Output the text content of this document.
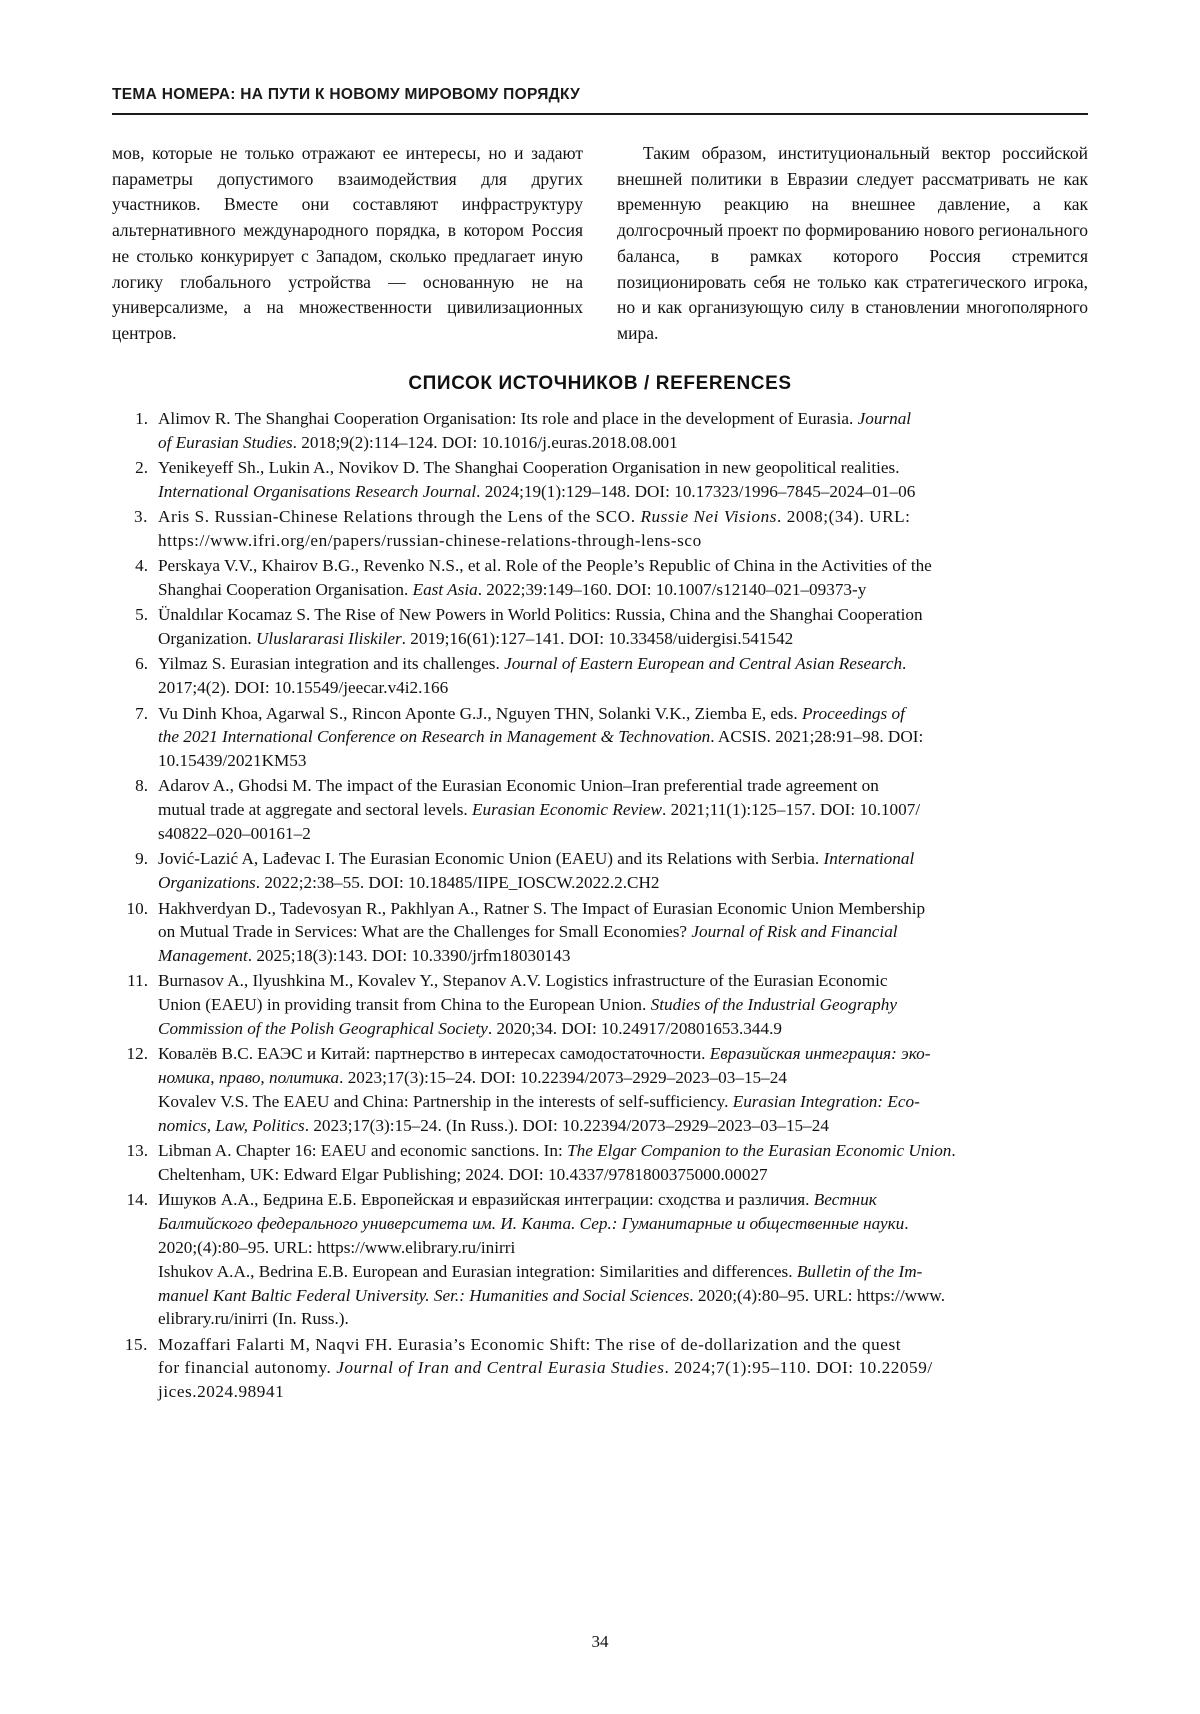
ТЕМА НОМЕРА: НА ПУТИ К НОВОМУ МИРОВОМУ ПОРЯДКУ

мов, которые не только отражают ее интересы, но и задают параметры допустимого взаимодействия для других участников. Вместе они составляют инфраструктуру альтернативного международного порядка, в котором Россия не столько конкурирует с Западом, сколько предлагает иную логику глобального устройства — основанную не на универсализме, а на множественности цивилизационных центров.

Таким образом, институциональный вектор российской внешней политики в Евразии следует рассматривать не как временную реакцию на внешнее давление, а как долгосрочный проект по формированию нового регионального баланса, в рамках которого Россия стремится позиционировать себя не только как стратегического игрока, но и как организующую силу в становлении многополярного мира.

СПИСОК ИСТОЧНИКОВ / REFERENCES
Alimov R. The Shanghai Cooperation Organisation: Its role and place in the development of Eurasia. Journal
of Eurasian Studies. 2018;9(2):114–124. DOI: 10.1016/j.euras.2018.08.001
Yenikeyeff Sh., Lukin A., Novikov D. The Shanghai Cooperation Organisation in new geopolitical realities.
International Organisations Research Journal. 2024;19(1):129–148. DOI: 10.17323/1996–7845–2024–01–06
Aris S. Russian-Chinese Relations through the Lens of the SCO. Russie Nei Visions. 2008;(34). URL:
https://www.ifri.org/en/papers/russian-chinese-relations-through-lens-sco
Perskaya V.V., Khairov B.G., Revenko N.S., et al. Role of the People’s Republic of China in the Activities of the
Shanghai Cooperation Organisation. East Asia. 2022;39:149–160. DOI: 10.1007/s12140–021–09373-y
Ünaldılar Kocamaz S. The Rise of New Powers in World Politics: Russia, China and the Shanghai Cooperation
Organization. Uluslararasi Iliskiler. 2019;16(61):127–141. DOI: 10.33458/uidergisi.541542
Yilmaz S. Eurasian integration and its challenges. Journal of Eastern European and Central Asian Research.
2017;4(2). DOI: 10.15549/jeecar.v4i2.166
Vu Dinh Khoa, Agarwal S., Rincon Aponte G.J., Nguyen THN, Solanki V.K., Ziemba E, eds. Proceedings of
the 2021 International Conference on Research in Management & Technovation. ACSIS. 2021;28:91–98. DOI:
10.15439/2021KM53
Adarov A., Ghodsi M. The impact of the Eurasian Economic Union–Iran preferential trade agreement on
mutual trade at aggregate and sectoral levels. Eurasian Economic Review. 2021;11(1):125–157. DOI: 10.1007/
s40822–020–00161–2
Jović-Lazić A, Lađevac I. The Eurasian Economic Union (EAEU) and its Relations with Serbia. International
Organizations. 2022;2:38–55. DOI: 10.18485/IIPE_IOSCW.2022.2.CH2
Hakhverdyan D., Tadevosyan R., Pakhlyan A., Ratner S. The Impact of Eurasian Economic Union Membership
on Mutual Trade in Services: What are the Challenges for Small Economies? Journal of Risk and Financial
Management. 2025;18(3):143. DOI: 10.3390/jrfm18030143
Burnasov A., Ilyushkina M., Kovalev Y., Stepanov A.V. Logistics infrastructure of the Eurasian Economic
Union (EAEU) in providing transit from China to the European Union. Studies of the Industrial Geography
Commission of the Polish Geographical Society. 2020;34. DOI: 10.24917/20801653.344.9
Ковалёв В.С. ЕАЭС и Китай: партнерство в интересах самодостаточности. Евразийская интеграция: эко-
номика, право, политика. 2023;17(3):15–24. DOI: 10.22394/2073–2929–2023–03–15–24
Kovalev V.S. The EAEU and China: Partnership in the interests of self-sufficiency. Eurasian Integration: Eco-
nomics, Law, Politics. 2023;17(3):15–24. (In Russ.). DOI: 10.22394/2073–2929–2023–03–15–24
Libman A. Chapter 16: EAEU and economic sanctions. In: The Elgar Companion to the Eurasian Economic Union.
Cheltenham, UK: Edward Elgar Publishing; 2024. DOI: 10.4337/9781800375000.00027
Ишуков А.А., Бедрина Е.Б. Европейская и евразийская интеграции: сходства и различия. Вестник
Балтийского федерального университета им. И. Канта. Сер.: Гуманитарные и общественные науки.
2020;(4):80–95. URL: https://www.elibrary.ru/inirri
Ishukov A.A., Bedrina E.B. European and Eurasian integration: Similarities and differences. Bulletin of the Im-
manuel Kant Baltic Federal University. Ser.: Humanities and Social Sciences. 2020;(4):80–95. URL: https://www.
elibrary.ru/inirri (In. Russ.).
Mozaffari Falarti M, Naqvi FH. Eurasia’s Economic Shift: The rise of de-dollarization and the quest
for financial autonomy. Journal of Iran and Central Eurasia Studies. 2024;7(1):95–110. DOI: 10.22059/
jices.2024.98941
34
